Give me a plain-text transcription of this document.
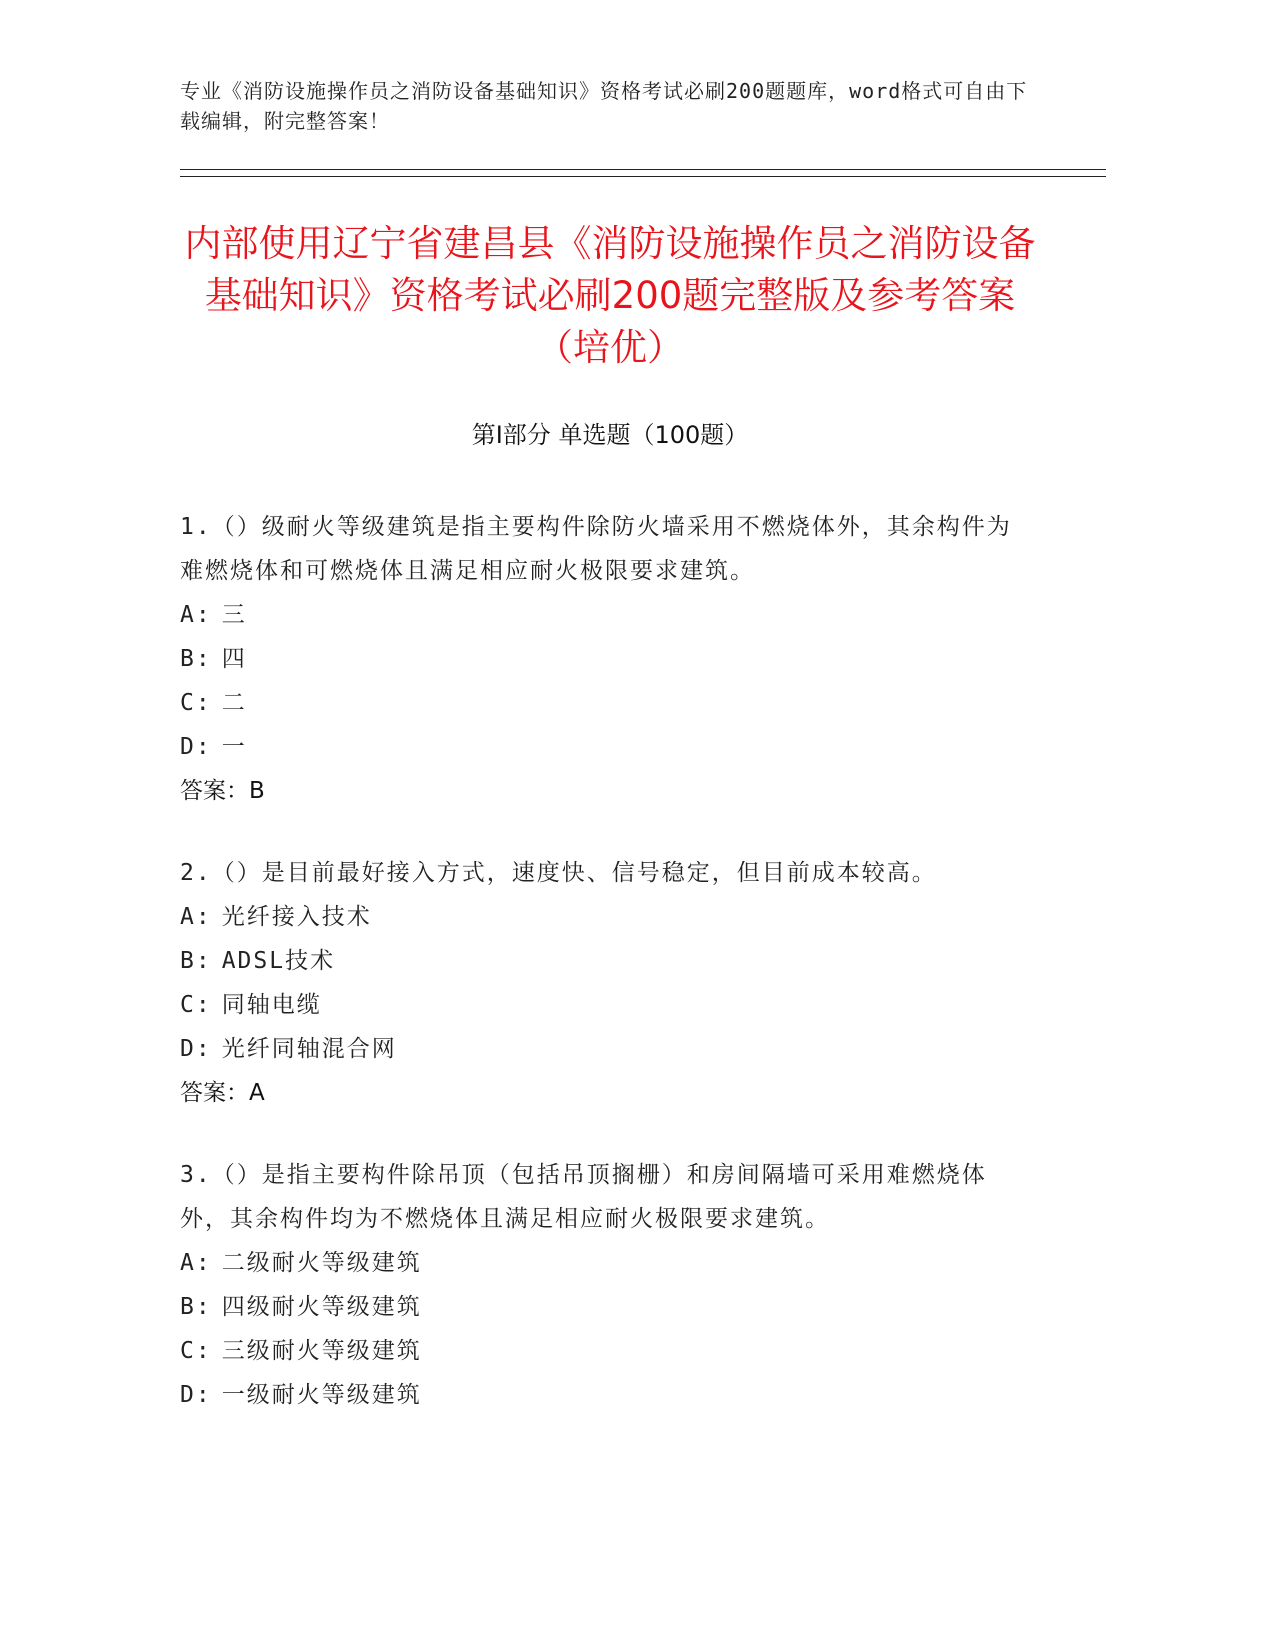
专业《消防设施操作员之消防设备基础知识》资格考试必刷200题题库，word格式可自由下载编辑，附完整答案！
内部使用辽宁省建昌县《消防设施操作员之消防设备基础知识》资格考试必刷200题完整版及参考答案（培优）
第Ⅰ部分 单选题（100题）

1.（）级耐火等级建筑是指主要构件除防火墙采用不燃烧体外，其余构件为难燃烧体和可燃烧体且满足相应耐火极限要求建筑。

A: 三

B: 四

C: 二

D: 一

答案：B

2.（）是目前最好接入方式，速度快、信号稳定，但目前成本较高。

A: 光纤接入技术

B: ADSL技术

C: 同轴电缆

D: 光纤同轴混合网

答案：A

3.（）是指主要构件除吊顶（包括吊顶搁栅）和房间隔墙可采用难燃烧体外，其余构件均为不燃烧体且满足相应耐火极限要求建筑。

A: 二级耐火等级建筑

B: 四级耐火等级建筑

C: 三级耐火等级建筑

D: 一级耐火等级建筑
